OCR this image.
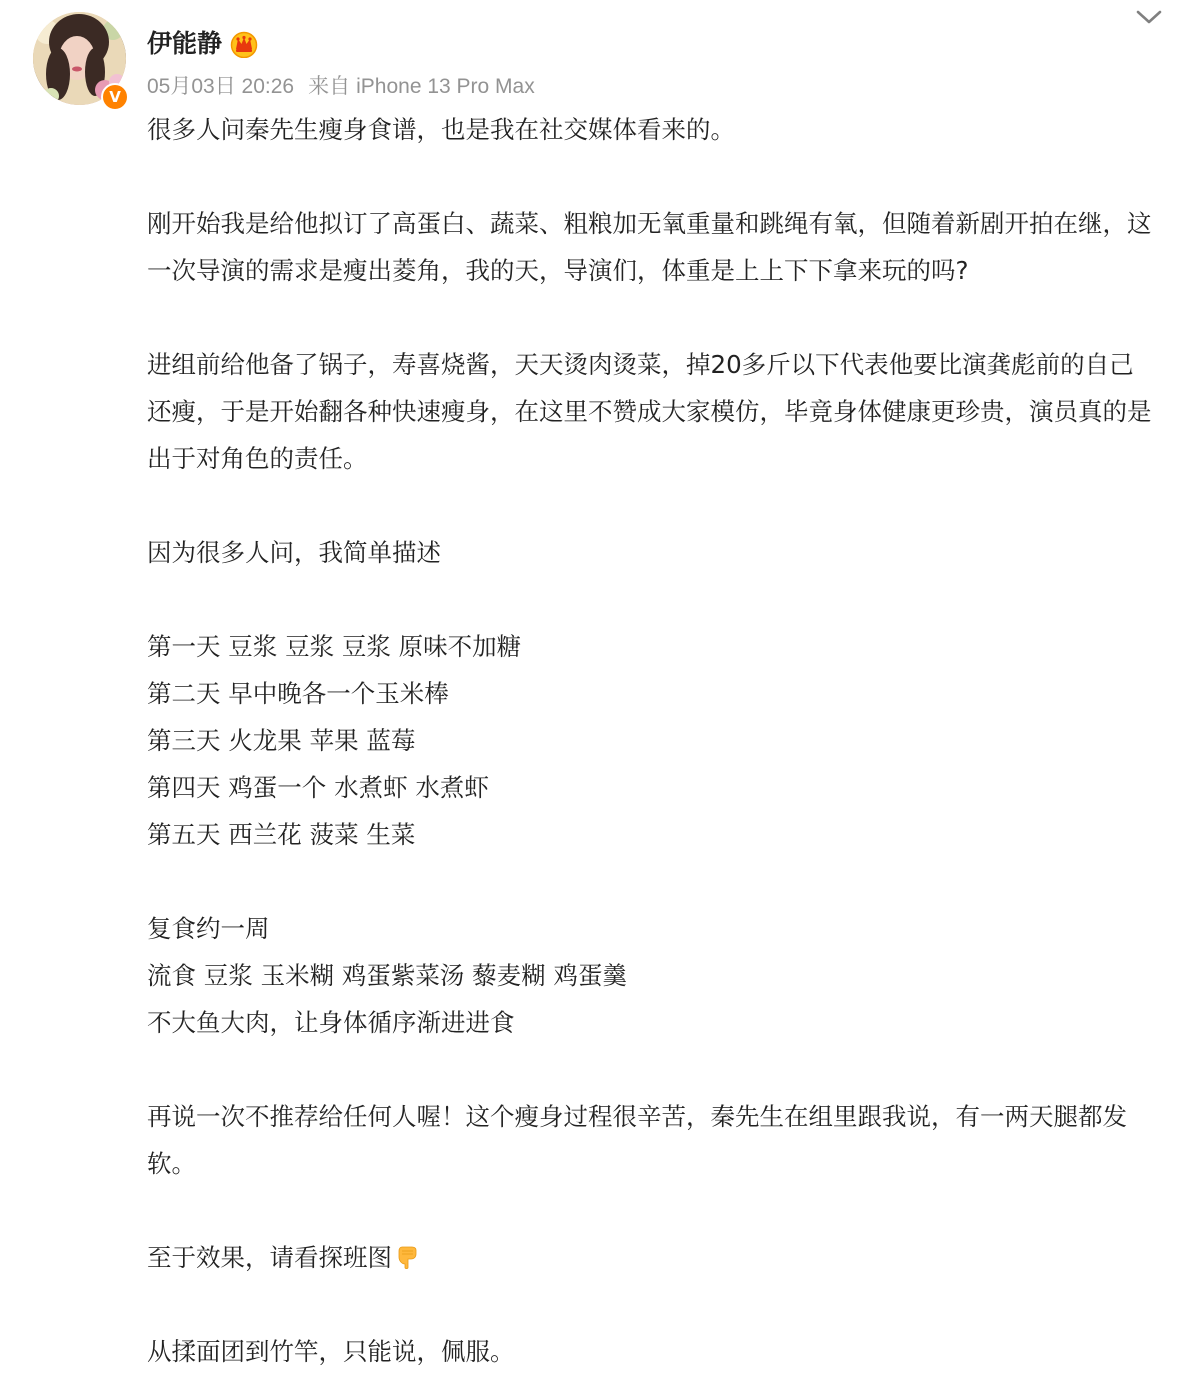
V
伊能静
05月03日 20:26 来自 iPhone 13 Pro Max

很多人问秦先生瘦身食谱，也是我在社交媒体看来的。

刚开始我是给他拟订了高蛋白、蔬菜、粗粮加无氧重量和跳绳有氧，但随着新剧开拍在继，这一次导演的需求是瘦出菱角，我的天，导演们，体重是上上下下拿来玩的吗?

进组前给他备了锅子，寿喜烧酱，天天烫肉烫菜，掉20多斤以下代表他要比演龚彪前的自己还瘦，于是开始翻各种快速瘦身，在这里不赞成大家模仿，毕竟身体健康更珍贵，演员真的是出于对角色的责任。

因为很多人问，我简单描述

第一天 豆浆 豆浆 豆浆 原味不加糖

第二天 早中晚各一个玉米棒

第三天 火龙果 苹果 蓝莓

第四天 鸡蛋一个 水煮虾 水煮虾

第五天 西兰花 菠菜 生菜

复食约一周

流食 豆浆 玉米糊 鸡蛋紫菜汤 藜麦糊 鸡蛋羹

不大鱼大肉，让身体循序渐进进食

再说一次不推荐给任何人喔！这个瘦身过程很辛苦，秦先生在组里跟我说，有一两天腿都发软。

至于效果，请看探班图

从揉面团到竹竿，只能说，佩服。
